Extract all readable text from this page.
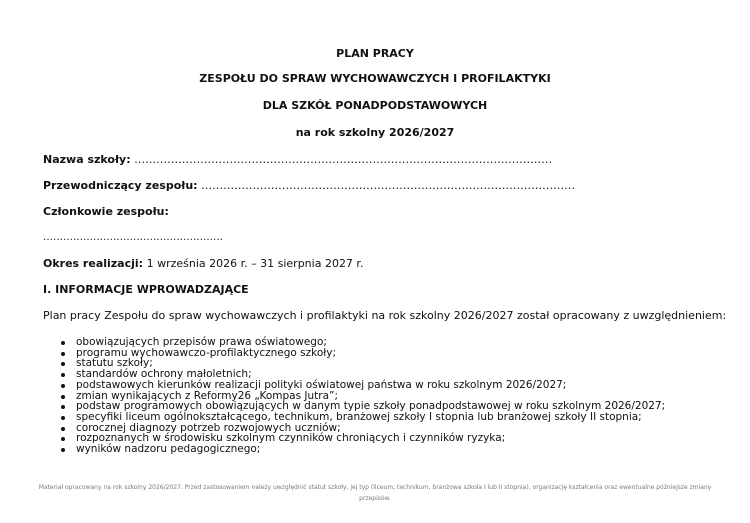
PLAN PRACY
ZESPOŁU DO SPRAW WYCHOWAWCZYCH I PROFILAKTYKI
DLA SZKÓŁ PONADPODSTAWOWYCH
na rok szkolny 2026/2027
Nazwa szkoły: ……………………………………………………………………………………………………
Przewodniczący zespołu: …………………………………………………………………………………………
Członkowie zespołu:
………………………………………………
Okres realizacji: 1 września 2026 r. – 31 sierpnia 2027 r.
I. INFORMACJE WPROWADZAJĄCE
Plan pracy Zespołu do spraw wychowawczych i profilaktyki na rok szkolny 2026/2027 został opracowany z uwzględnieniem:
obowiązujących przepisów prawa oświatowego;
programu wychowawczo-profilaktycznego szkoły;
statutu szkoły;
standardów ochrony małoletnich;
podstawowych kierunków realizacji polityki oświatowej państwa w roku szkolnym 2026/2027;
zmian wynikających z Reformy26 „Kompas Jutra”;
podstaw programowych obowiązujących w danym typie szkoły ponadpodstawowej w roku szkolnym 2026/2027;
specyfiki liceum ogólnokształcącego, technikum, branżowej szkoły I stopnia lub branżowej szkoły II stopnia;
corocznej diagnozy potrzeb rozwojowych uczniów;
rozpoznanych w środowisku szkolnym czynników chroniących i czynników ryzyka;
wyników nadzoru pedagogicznego;
Materiał opracowany na rok szkolny 2026/2027. Przed zastosowaniem należy uwzględnić statut szkoły, jej typ (liceum, technikum, branżowa szkoła I lub II stopnia), organizację kształcenia oraz ewentualne późniejsze zmiany przepisów.
